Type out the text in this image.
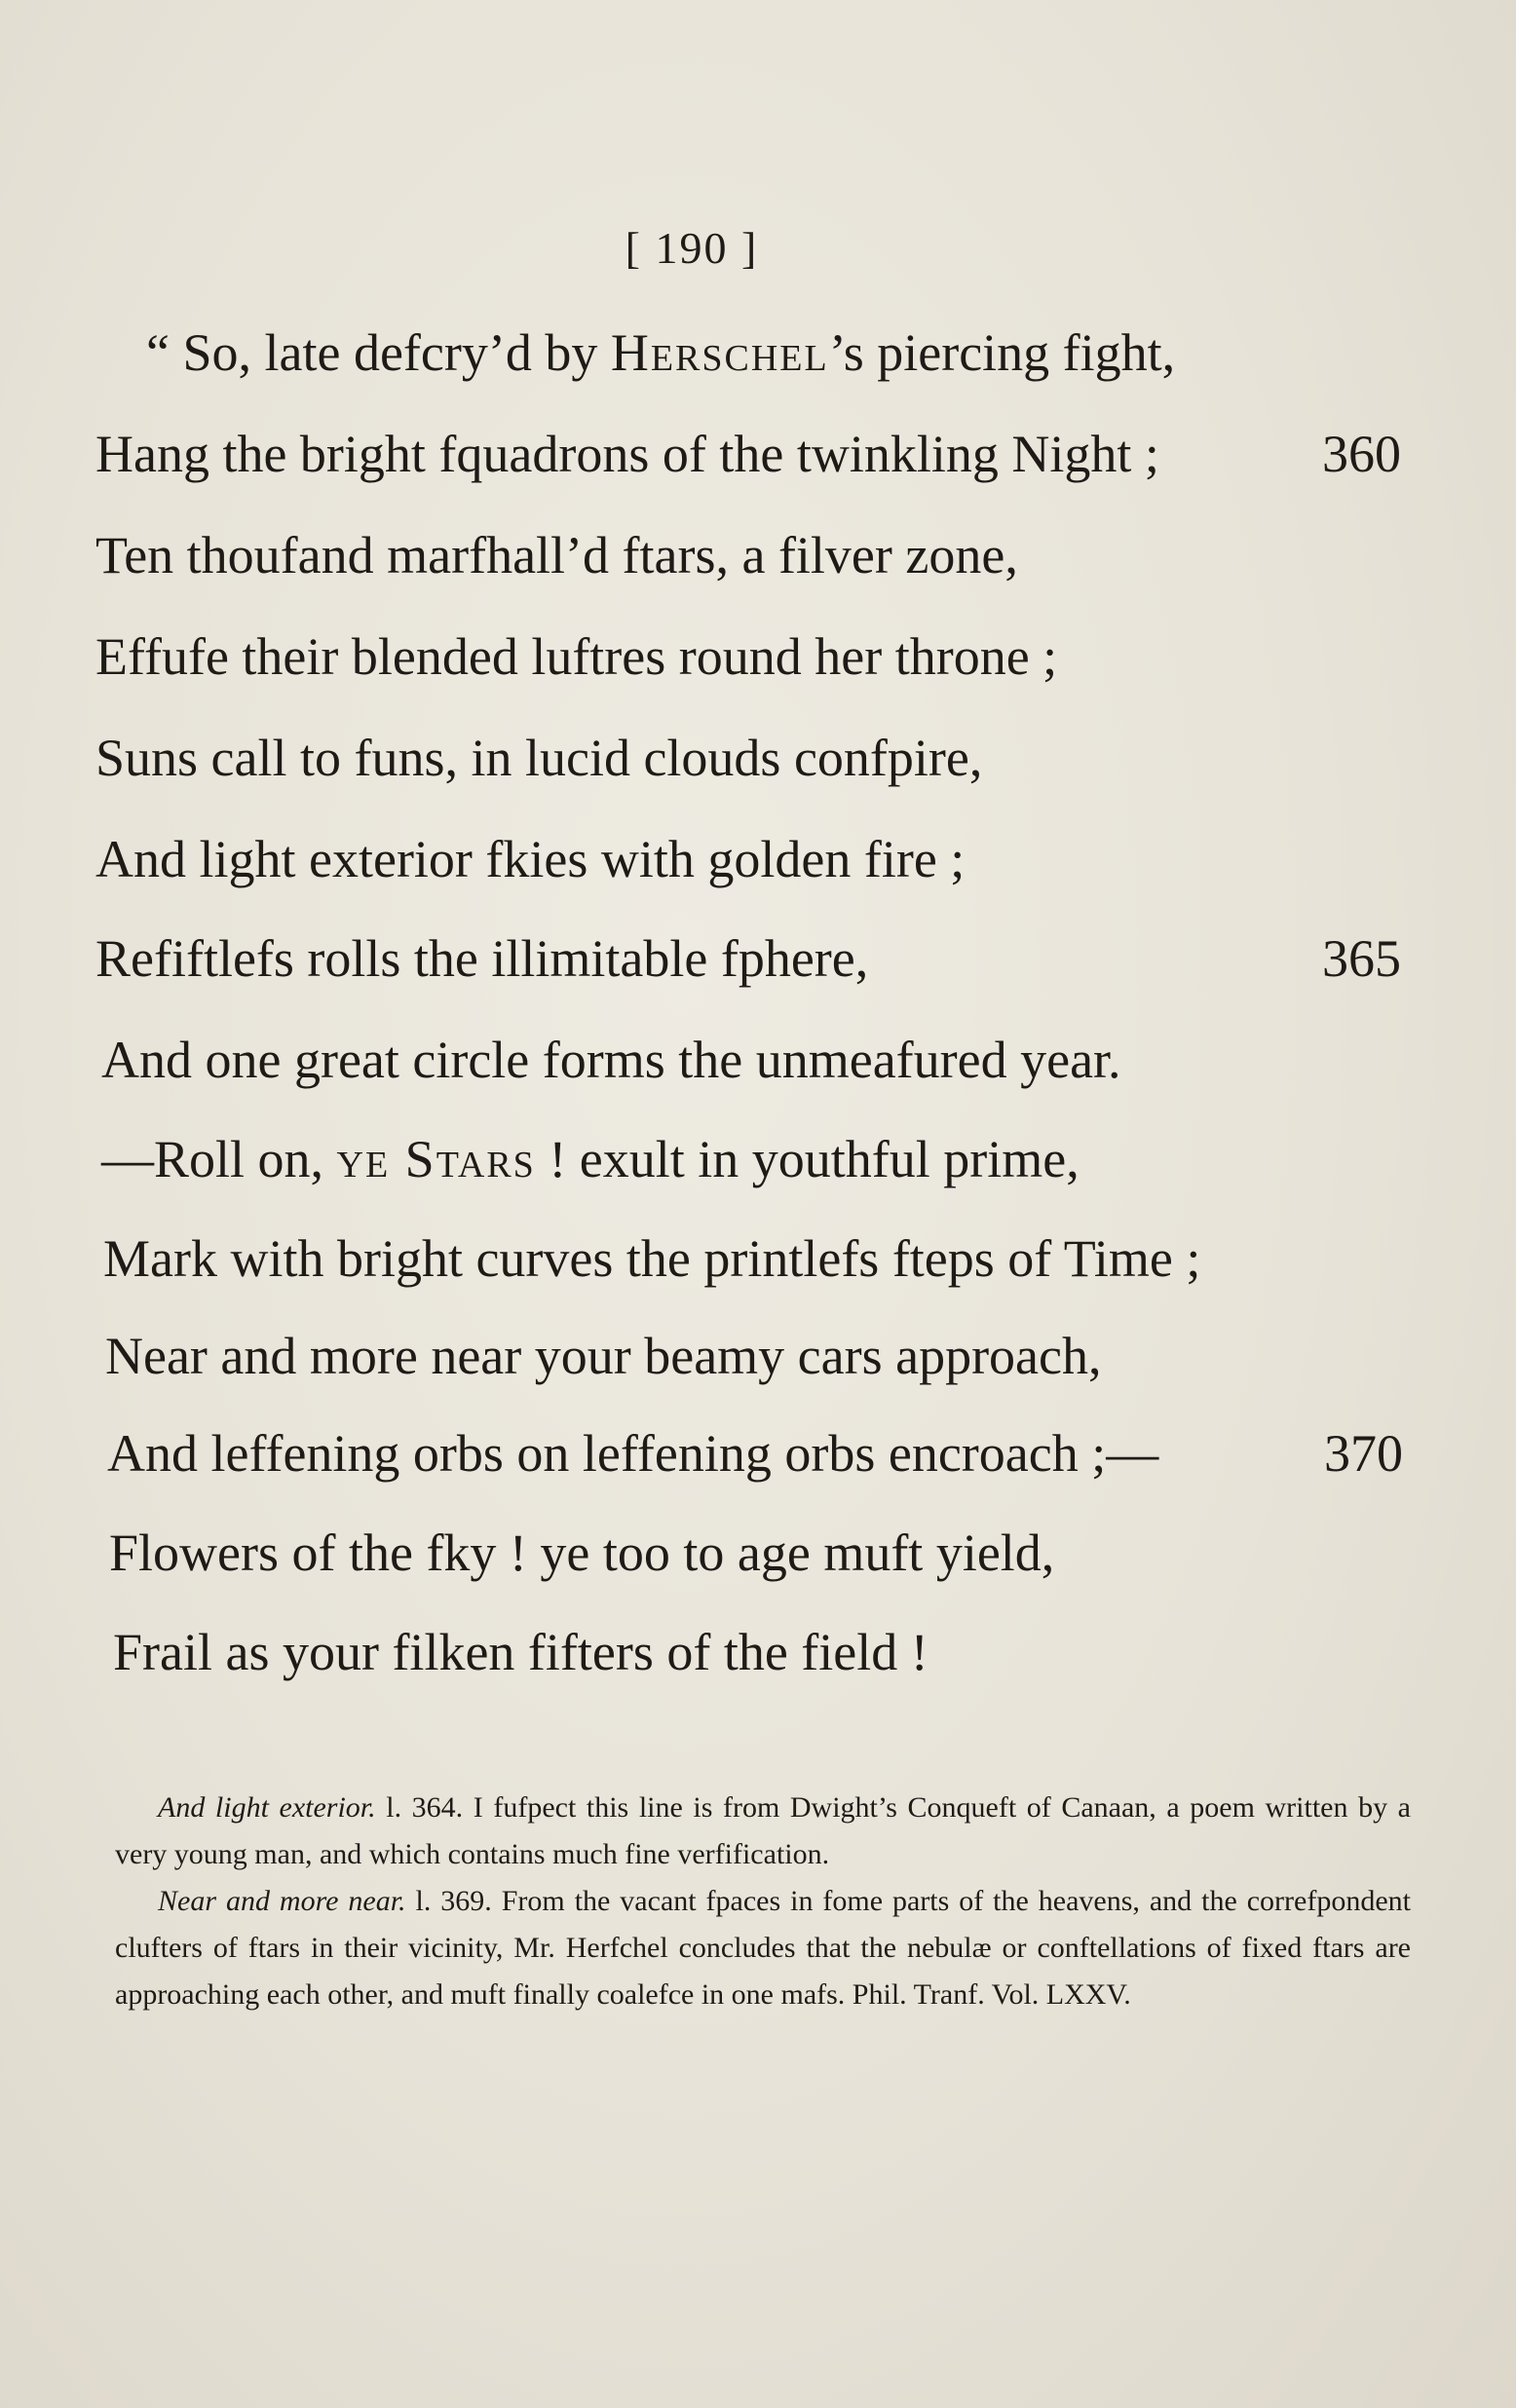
[ 190 ]
“ So, late defcry’d by Herschel’s piercing fight,
Hang the bright fquadrons of the twinkling Night ;	360
Ten thoufand marfhall’d ftars, a filver zone,
Effufe their blended luftres round her throne ;
Suns call to funs, in lucid clouds confpire,
And light exterior fkies with golden fire ;
Refiftlefs rolls the illimitable fphere,	365
And one great circle forms the unmeafured year.
—Roll on, ye Stars ! exult in youthful prime,
Mark with bright curves the printlefs fteps of Time ;
Near and more near your beamy cars approach,
And leffening orbs on leffening orbs encroach ;—	370
Flowers of the fky ! ye too to age muft yield,
Frail as your filken fifters of the field !

And light exterior. l. 364. I fufpect this line is from Dwight’s Conqueft of Canaan, a poem written by a very young man, and which contains much fine verfification.

Near and more near. l. 369. From the vacant fpaces in fome parts of the heavens, and the correfpondent clufters of ftars in their vicinity, Mr. Herfchel concludes that the nebulæ or conftellations of fixed ftars are approaching each other, and muft finally coalefce in one mafs. Phil. Tranf. Vol. LXXV.
